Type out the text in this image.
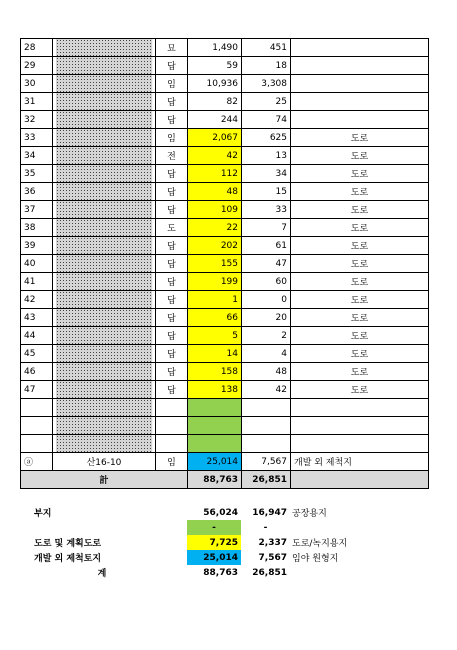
28		묘	1,490	451	
29		답	59	18	
30		임	10,936	3,308	
31		답	82	25	
32		답	244	74	
33		임	2,067	625	도로
34		전	42	13	도로
35		답	112	34	도로
36		답	48	15	도로
37		답	109	33	도로
38		도	22	7	도로
39		답	202	61	도로
40		답	155	47	도로
41		답	199	60	도로
42		답	1	0	도로
43		답	66	20	도로
44		답	5	2	도로
45		답	14	4	도로
46		답	158	48	도로
47		답	138	42	도로

ⓐ	산16-10	임	25,014	7,567	개발 외 제척지
計			88,763	26,851	
부지	56,024	16,947	공장용지
	-	-	
도로 및 계획도로	7,725	2,337	도로/녹지용지
개발 외 제척토지	25,014	7,567	임야 원형지
계	88,763	26,851	
